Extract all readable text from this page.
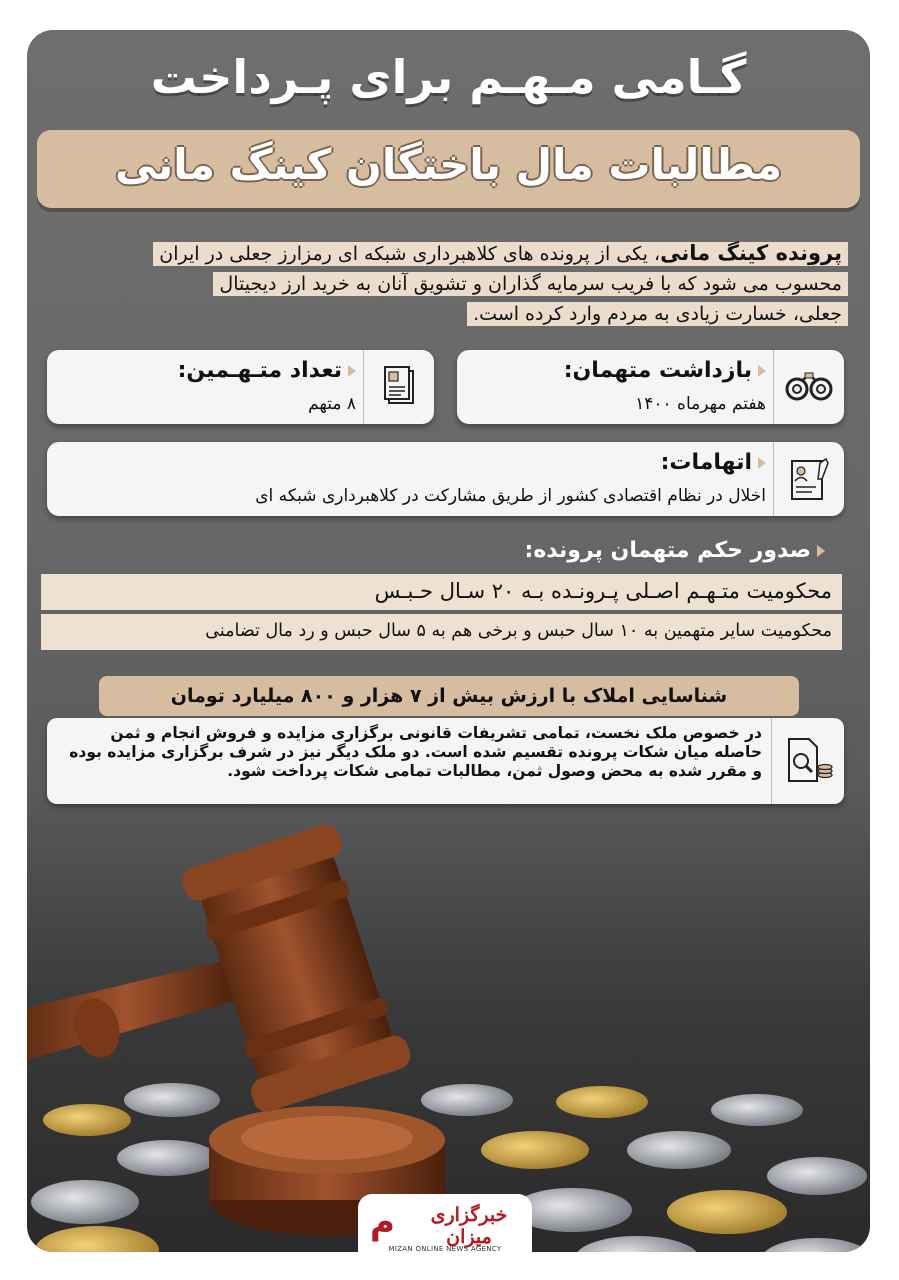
گـامی مـهـم برای پـرداخت
مطالبات مال باختگان کینگ مانی
پرونده کینگ مانی، یکی از پرونده های کلاهبرداری شبکه ای رمزارز جعلی در ایران
محسوب می شود که با فریب سرمایه گذاران و تشویق آنان به خرید ارز دیجیتال
جعلی، خسارت زیادی به مردم وارد کرده است.
بازداشت متهمان:
هفتم مهرماه ۱۴۰۰
تعداد متـهـمین:
۸ متهم
اتهامات:
اخلال در نظام اقتصادی کشور از طریق مشارکت در کلاهبرداری شبکه ای
صدور حکم متهمان پرونده:
محکومیت متـهـم اصـلی پـرونـده بـه ۲۰ سـال حـبـس
محکومیت سایر متهمین به ۱۰ سال حبس و برخی هم به ۵ سال حبس و رد مال تضامنی
شناسایی املاک با ارزش بیش از ۷ هزار و ۸۰۰ میلیارد تومان
در خصوص ملک نخست، تمامی تشریفات قانونی برگزاری مزایده و فروش انجام و ثمن حاصله میان شکات پرونده تقسیم شده است. دو ملک دیگر نیز در شرف برگزاری مزایده بوده و مقرر شده به محض وصول ثمن، مطالبات تمامی شکات پرداخت شود.
م	خبرگزاری میزان
MIZAN ONLINE NEWS AGENCY
